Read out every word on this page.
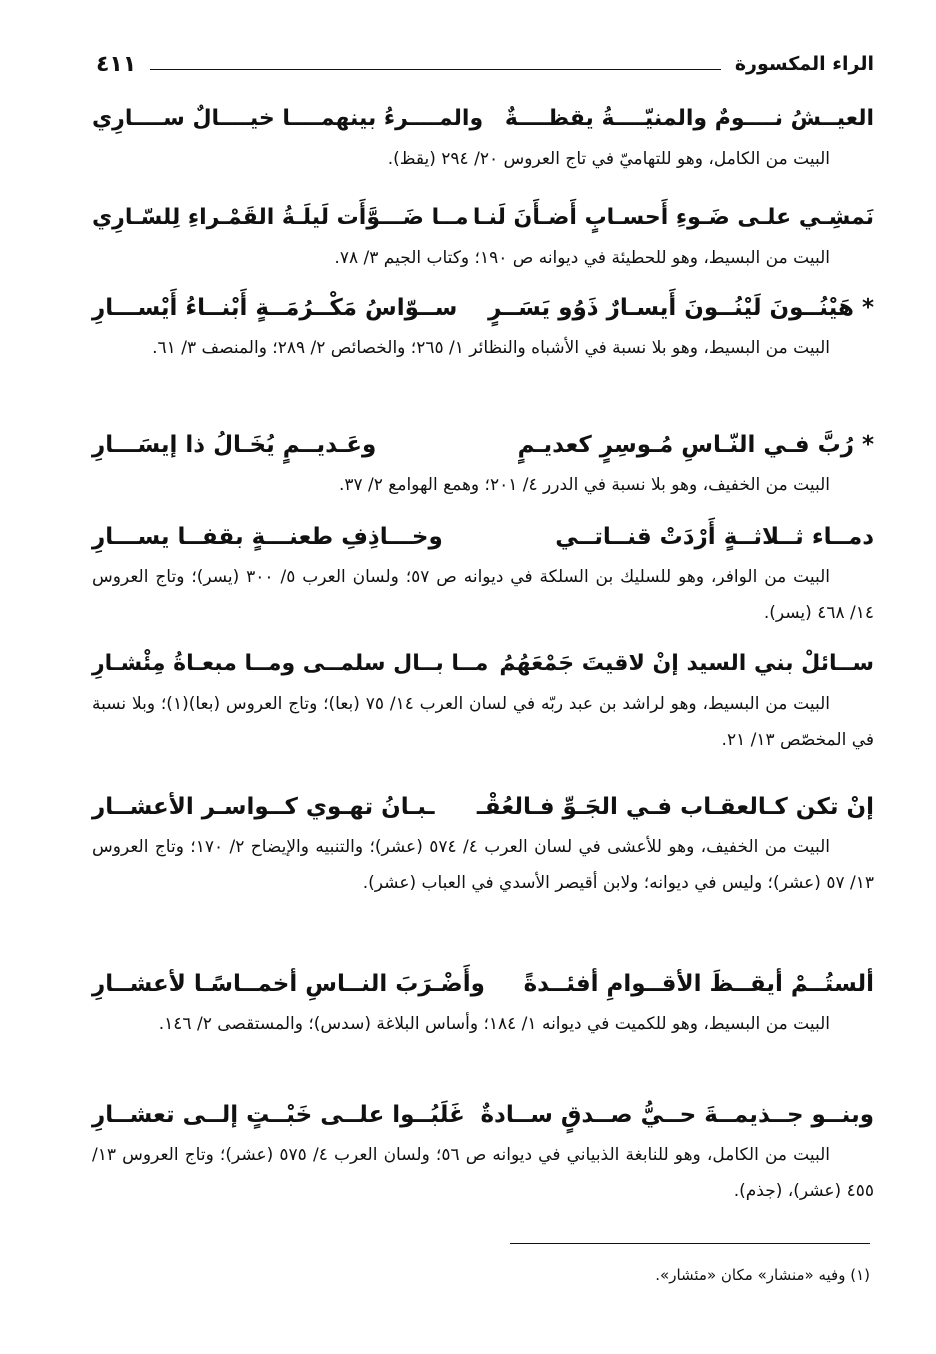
الراء المكسورة
٤١١
العيــشُ نــــومٌ والمنيّــــةُ يقظــــةٌ
والمــــرءُ بينهمــــا خيــــالٌ ســــارِي
البيت من الكامل، وهو للتهاميّ في تاج العروس ٢٠/ ٢٩٤ (يقظ).
نَمشِـي علـى ضَـوءِ أَحسـابٍ أَضـأَنَ لَنـا
مــا ضَـــوَّأَت لَيلَـةُ القَمْـراءِ لِلسّـارِي
البيت من البسيط، وهو للحطيئة في ديوانه ص ١٩٠؛ وكتاب الجيم ٣/ ٧٨.
*هَيْنُــونَ لَيْنُــونَ أَيسـارٌ ذَوُو يَسَــرٍ
ســوّاسُ مَكْــرُمَــةٍ أَبْنــاءُ أَيْســـارِ
البيت من البسيط، وهو بلا نسبة في الأشباه والنظائر ١/ ٢٦٥؛ والخصائص ٢/ ٢٨٩؛ والمنصف ٣/ ٦١.
*رُبَّ فـي النّـاسِ مُـوسِرٍ كعديـمٍ
وعَـديــمٍ يُخَـالُ ذا إيسَـــارِ
البيت من الخفيف، وهو بلا نسبة في الدرر ٤/ ٢٠١؛ وهمع الهوامع ٢/ ٣٧.
دمــاء ثــلاثــةٍ أَرْدَتْ قنــاتــي
وخـــاذِفِ طعنـــةٍ بقفــا يســـارِ
البيت من الوافر، وهو للسليك بن السلكة في ديوانه ص ٥٧؛ ولسان العرب ٥/ ٣٠٠ (يسر)؛ وتاج العروس ١٤/ ٤٦٨ (يسر).
ســائلْ بني السيد إنْ لاقيتَ جَمْعَهُمُ
مــا بــال سلمــى ومــا مبعـاةُ مِئْشـارِ
البيت من البسيط، وهو لراشد بن عبد ربّه في لسان العرب ١٤/ ٧٥ (بعا)؛ وتاج العروس (بعا)(١)؛ وبلا نسبة في المخصّص ١٣/ ٢١.
إنْ تكن كـالعقـاب فـي الجَـوِّ فـالعُقْـ
ـبـانُ تهـوي كــواسـر الأعشــار
البيت من الخفيف، وهو للأعشى في لسان العرب ٤/ ٥٧٤ (عشر)؛ والتنبيه والإيضاح ٢/ ١٧٠؛ وتاج العروس ١٣/ ٥٧ (عشر)؛ وليس في ديوانه؛ ولابن أقيصر الأسدي في العباب (عشر).
ألستُــمْ أيقــظَ الأقــوامِ أفئــدةً
وأَضْـرَبَ النــاسِ أخمــاسًـا لأعشــارِ
البيت من البسيط، وهو للكميت في ديوانه ١/ ١٨٤؛ وأساس البلاغة (سدس)؛ والمستقصى ٢/ ١٤٦.
وبنــو جــذيمــةَ حــيُّ صــدقٍ ســادةٌ
غَلَبُــوا علــى خَبْــتٍ إلــى تعشــارِ
البيت من الكامل، وهو للنابغة الذبياني في ديوانه ص ٥٦؛ ولسان العرب ٤/ ٥٧٥ (عشر)؛ وتاج العروس ١٣/ ٤٥٥ (عشر)، (جذم).
(١) وفيه «منشار» مكان «مئشار».
